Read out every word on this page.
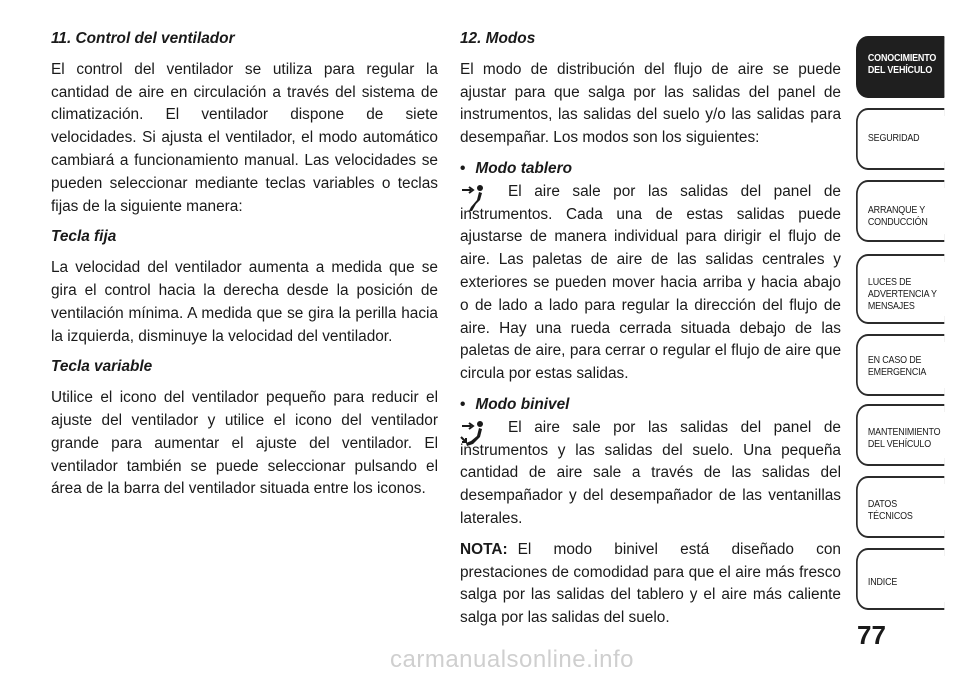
11. Control del ventilador

El control del ventilador se utiliza para regular la cantidad de aire en circulación a través del sistema de climatización. El ventilador dispone de siete velocidades. Si ajusta el ventilador, el modo automático cambiará a funcionamiento manual. Las velocidades se pueden seleccionar mediante teclas variables o teclas fijas de la siguiente manera:

Tecla fija

La velocidad del ventilador aumenta a medida que se gira el control hacia la derecha desde la posición de ventilación mínima. A medida que se gira la perilla hacia la izquierda, disminuye la velocidad del ventilador.

Tecla variable

Utilice el icono del ventilador pequeño para reducir el ajuste del ventilador y utilice el icono del ventilador grande para aumentar el ajuste del ventilador. El ventilador también se puede seleccionar pulsando el área de la barra del ventilador situada entre los iconos.

12. Modos

El modo de distribución del flujo de aire se puede ajustar para que salga por las salidas del panel de instrumentos, las salidas del suelo y/o las salidas para desempañar. Los modos son los siguientes:

• Modo tablero

El aire sale por las salidas del panel de instrumentos. Cada una de estas salidas puede ajustarse de manera individual para dirigir el flujo de aire. Las paletas de aire de las salidas centrales y exteriores se pueden mover hacia arriba y hacia abajo o de lado a lado para regular la dirección del flujo de aire. Hay una rueda cerrada situada debajo de las paletas de aire, para cerrar o regular el flujo de aire que circula por estas salidas.

• Modo binivel

El aire sale por las salidas del panel de instrumentos y las salidas del suelo. Una pequeña cantidad de aire sale a través de las salidas del desempañador y del desempañador de las ventanillas laterales.

NOTA: El modo binivel está diseñado con prestaciones de comodidad para que el aire más fresco salga por las salidas del tablero y el aire más caliente salga por las salidas del suelo.

CONOCIMIENTO
DEL VEHÍCULO
SEGURIDAD
ARRANQUE Y
CONDUCCIÓN
LUCES DE
ADVERTENCIA Y
MENSAJES
EN CASO DE
EMERGENCIA
MANTENIMIENTO
DEL VEHÍCULO
DATOS
TÉCNICOS
INDICE
77
carmanualsonline.info
